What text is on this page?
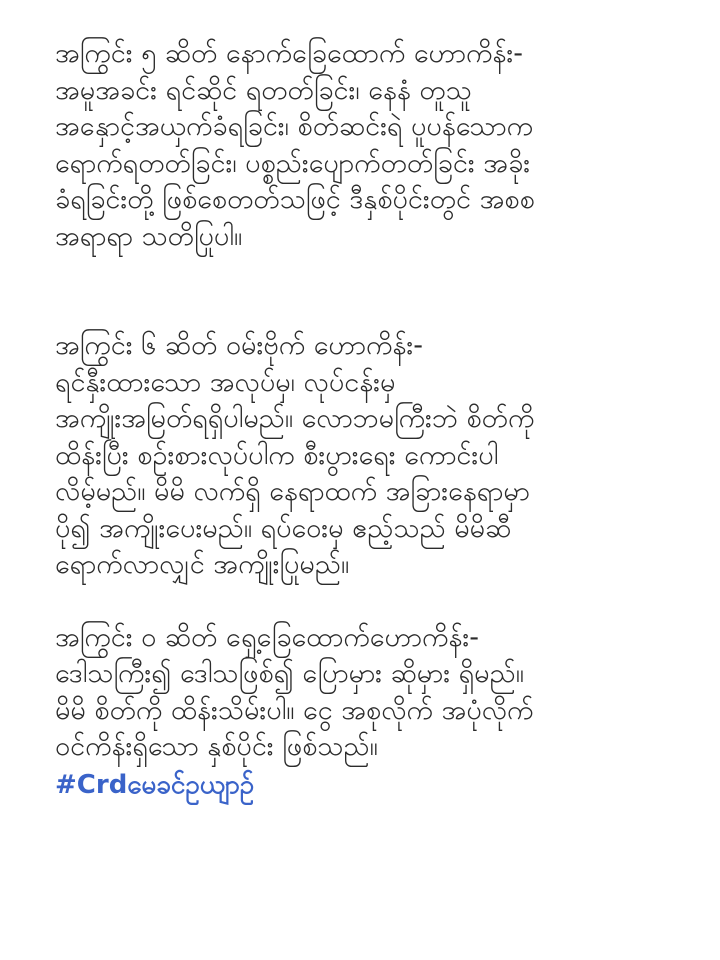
အကြွင်း ၅ ဆိတ် နောက်ခြေထောက် ဟောကိန်း-
အမူအခင်း ရင်ဆိုင် ရတတ်ခြင်း၊ နေနံ တူသူ
အနှောင့်အယှက်ခံရခြင်း၊ စိတ်ဆင်းရဲ ပူပန်သောက
ရောက်ရတတ်ခြင်း၊ ပစ္စည်းပျောက်တတ်ခြင်း အခိုး
ခံရခြင်းတို့ ဖြစ်စေတတ်သဖြင့် ဒီနှစ်ပိုင်းတွင် အစစ
အရာရာ သတိပြုပါ။
အကြွင်း ၆ ဆိတ် ဝမ်းဗိုက် ဟောကိန်း-
ရင်နှီးထားသော အလုပ်မှ၊ လုပ်ငန်းမှ
အကျိုးအမြတ်ရရှိပါမည်။ လောဘမကြီးဘဲ စိတ်ကို
ထိန်းပြီး စဉ်းစားလုပ်ပါက စီးပွားရေး ကောင်းပါ
လိမ့်မည်။ မိမိ လက်ရှိ နေရာထက် အခြားနေရာမှာ
ပို၍ အကျိုးပေးမည်။ ရပ်ဝေးမှ ဧည့်သည် မိမိဆီ
ရောက်လာလျှင် အကျိုးပြုမည်။
အကြွင်း ၀ ဆိတ် ရှေ့ခြေထောက်ဟောကိန်း-
ဒေါသကြီး၍ ဒေါသဖြစ်၍ ပြောမှား ဆိုမှား ရှိမည်။
မိမိ စိတ်ကို ထိန်းသိမ်းပါ။ ငွေ အစုလိုက် အပုံလိုက်
ဝင်ကိန်းရှိသော နှစ်ပိုင်း ဖြစ်သည်။
#Crdမေခင်ဥယျာဉ်
